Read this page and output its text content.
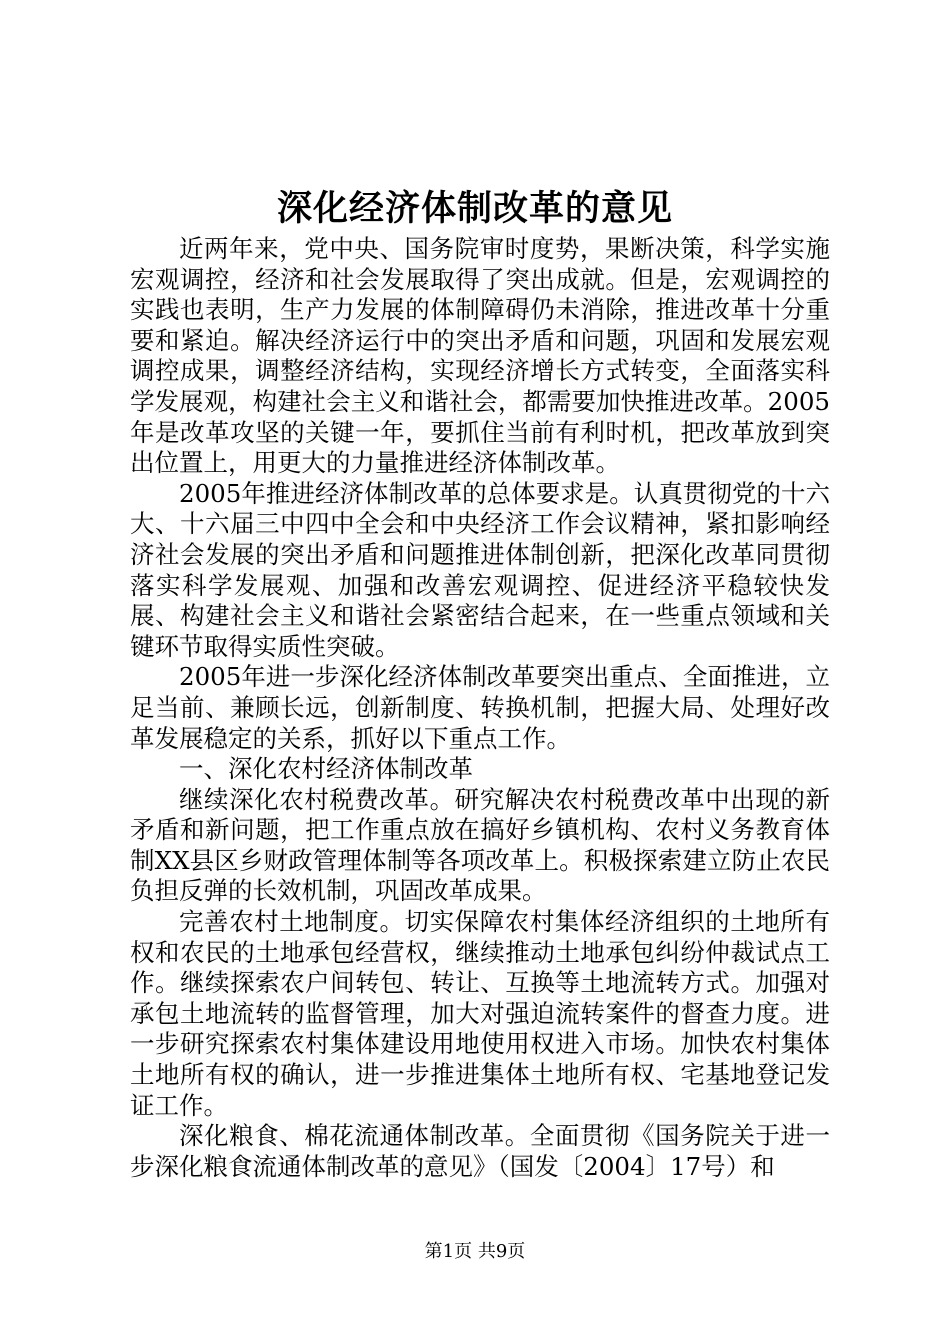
深化经济体制改革的意见

近两年来，党中央、国务院审时度势，果断决策，科学实施宏观调控，经济和社会发展取得了突出成就。但是，宏观调控的实践也表明，生产力发展的体制障碍仍未消除，推进改革十分重要和紧迫。解决经济运行中的突出矛盾和问题，巩固和发展宏观调控成果，调整经济结构，实现经济增长方式转变，全面落实科学发展观，构建社会主义和谐社会，都需要加快推进改革。2005年是改革攻坚的关键一年，要抓住当前有利时机，把改革放到突出位置上，用更大的力量推进经济体制改革。

2005年推进经济体制改革的总体要求是。认真贯彻党的十六大、十六届三中四中全会和中央经济工作会议精神，紧扣影响经济社会发展的突出矛盾和问题推进体制创新，把深化改革同贯彻落实科学发展观、加强和改善宏观调控、促进经济平稳较快发展、构建社会主义和谐社会紧密结合起来，在一些重点领域和关键环节取得实质性突破。

2005年进一步深化经济体制改革要突出重点、全面推进，立足当前、兼顾长远，创新制度、转换机制，把握大局、处理好改革发展稳定的关系，抓好以下重点工作。

一、深化农村经济体制改革

继续深化农村税费改革。研究解决农村税费改革中出现的新矛盾和新问题，把工作重点放在搞好乡镇机构、农村义务教育体制XX县区乡财政管理体制等各项改革上。积极探索建立防止农民负担反弹的长效机制，巩固改革成果。

完善农村土地制度。切实保障农村集体经济组织的土地所有权和农民的土地承包经营权，继续推动土地承包纠纷仲裁试点工作。继续探索农户间转包、转让、互换等土地流转方式。加强对承包土地流转的监督管理，加大对强迫流转案件的督查力度。进一步研究探索农村集体建设用地使用权进入市场。加快农村集体土地所有权的确认，进一步推进集体土地所有权、宅基地登记发证工作。

深化粮食、棉花流通体制改革。全面贯彻《国务院关于进一步深化粮食流通体制改革的意见》（国发〔2004〕17号）和

第1页 共9页
